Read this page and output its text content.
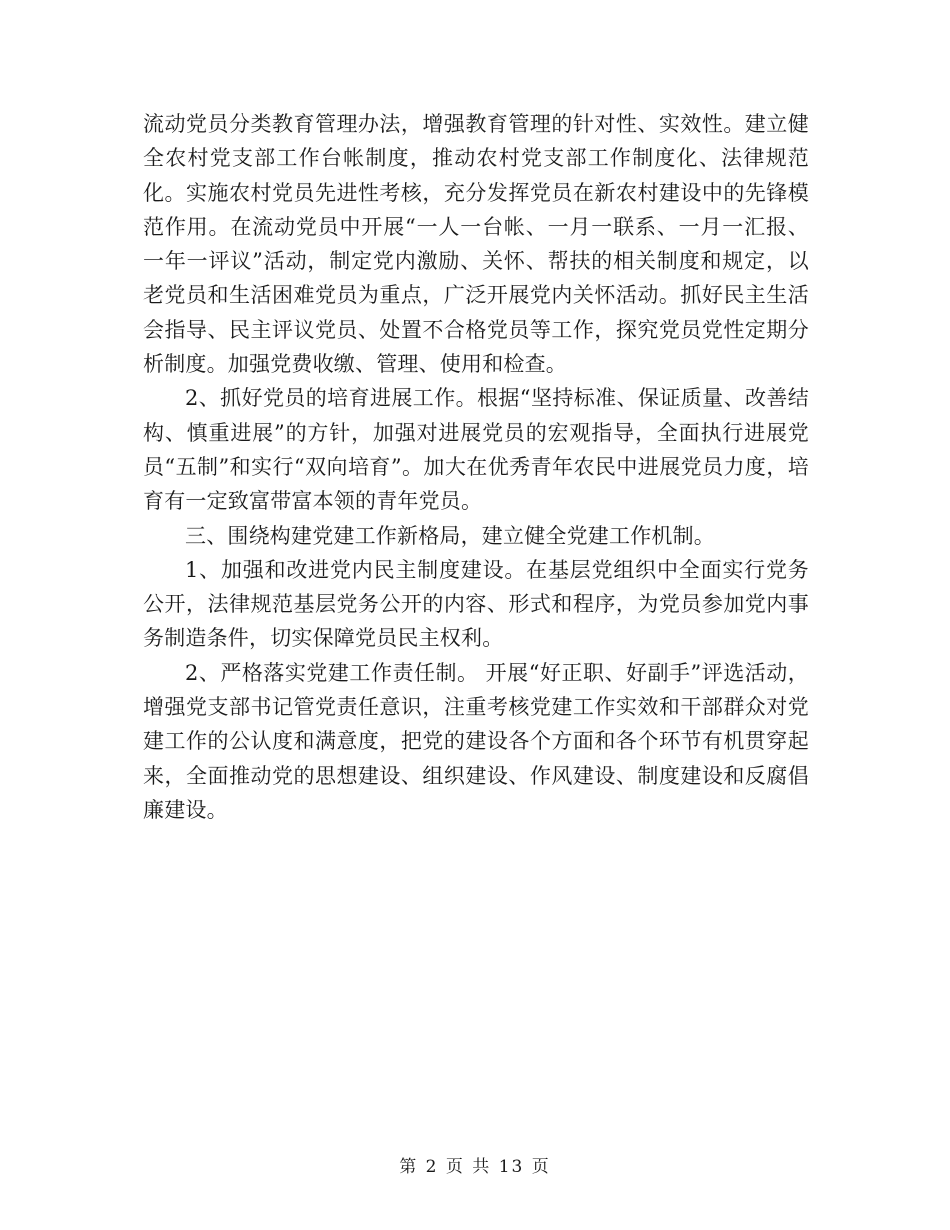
流动党员分类教育管理办法，增强教育管理的针对性、实效性。建立健全农村党支部工作台帐制度，推动农村党支部工作制度化、法律规范化。实施农村党员先进性考核，充分发挥党员在新农村建设中的先锋模范作用。在流动党员中开展“一人一台帐、一月一联系、一月一汇报、一年一评议”活动，制定党内激励、关怀、帮扶的相关制度和规定，以老党员和生活困难党员为重点，广泛开展党内关怀活动。抓好民主生活会指导、民主评议党员、处置不合格党员等工作，探究党员党性定期分析制度。加强党费收缴、管理、使用和检查。

2、抓好党员的培育进展工作。根据“坚持标准、保证质量、改善结构、慎重进展”的方针，加强对进展党员的宏观指导，全面执行进展党员“五制”和实行“双向培育”。加大在优秀青年农民中进展党员力度，培育有一定致富带富本领的青年党员。

三、围绕构建党建工作新格局，建立健全党建工作机制。

1、加强和改进党内民主制度建设。在基层党组织中全面实行党务公开，法律规范基层党务公开的内容、形式和程序，为党员参加党内事务制造条件，切实保障党员民主权利。

2、严格落实党建工作责任制。 开展“好正职、好副手”评选活动，增强党支部书记管党责任意识，注重考核党建工作实效和干部群众对党建工作的公认度和满意度，把党的建设各个方面和各个环节有机贯穿起来，全面推动党的思想建设、组织建设、作风建设、制度建设和反腐倡廉建设。

第 2 页 共 13 页
